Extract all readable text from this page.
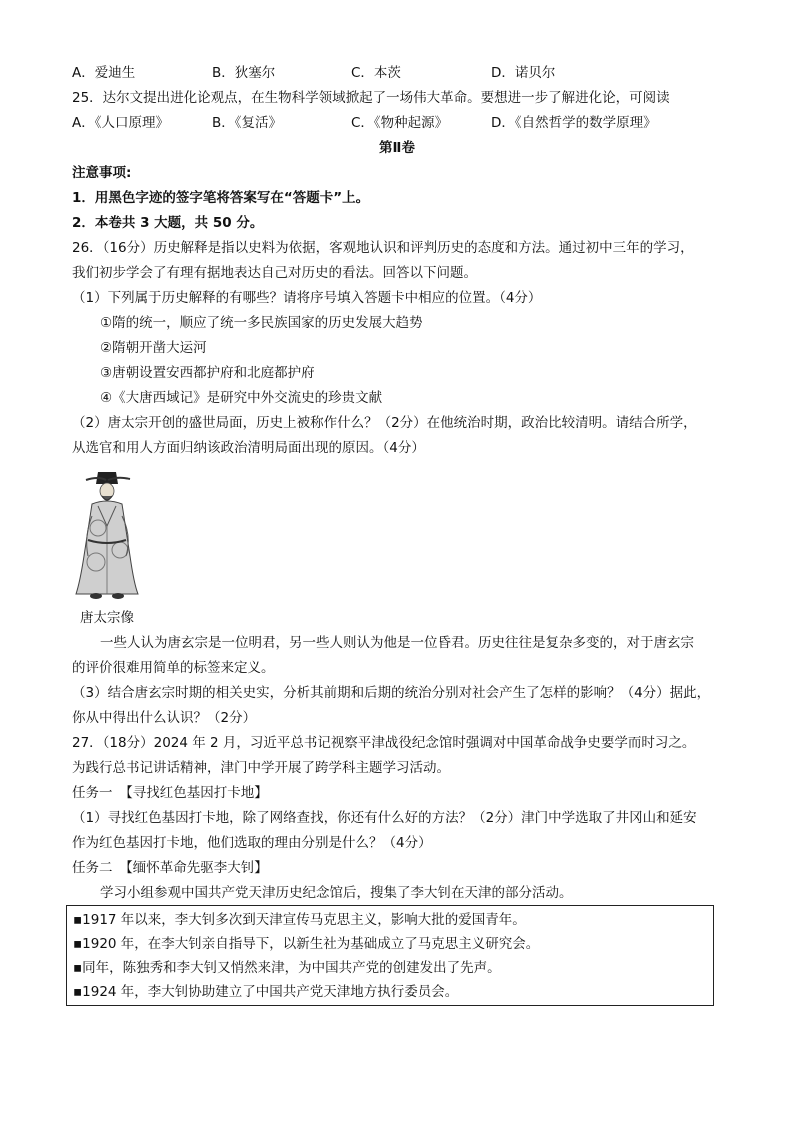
A．爱迪生	B．狄塞尔	C．本茨	D．诺贝尔
25．达尔文提出进化论观点，在生物科学领域掀起了一场伟大革命。要想进一步了解进化论，可阅读
A．《人口原理》	B．《复活》	C．《物种起源》	D．《自然哲学的数学原理》
第Ⅱ卷
注意事项:
1．用黑色字迹的签字笔将答案写在“答题卡”上。
2．本卷共 3 大题，共 50 分。
26．（16分）历史解释是指以史料为依据，客观地认识和评判历史的态度和方法。通过初中三年的学习，
我们初步学会了有理有据地表达自己对历史的看法。回答以下问题。
（1）下列属于历史解释的有哪些？请将序号填入答题卡中相应的位置。（4分）
①隋的统一，顺应了统一多民族国家的历史发展大趋势
②隋朝开凿大运河
③唐朝设置安西都护府和北庭都护府
④《大唐西域记》是研究中外交流史的珍贵文献
（2）唐太宗开创的盛世局面，历史上被称作什么？（2分）在他统治时期，政治比较清明。请结合所学，
从选官和用人方面归纳该政治清明局面出现的原因。（4分）
唐太宗像
一些人认为唐玄宗是一位明君，另一些人则认为他是一位昏君。历史往往是复杂多变的，对于唐玄宗
的评价很难用简单的标签来定义。
（3）结合唐玄宗时期的相关史实，分析其前期和后期的统治分别对社会产生了怎样的影响？（4分）据此，
你从中得出什么认识？（2分）
27．（18分）2024 年 2 月，习近平总书记视察平津战役纪念馆时强调对中国革命战争史要学而时习之。
为践行总书记讲话精神，津门中学开展了跨学科主题学习活动。
任务一　【寻找红色基因打卡地】
（1）寻找红色基因打卡地，除了网络查找，你还有什么好的方法？（2分）津门中学选取了井冈山和延安
作为红色基因打卡地，他们选取的理由分别是什么？（4分）
任务二　【缅怀革命先驱李大钊】
学习小组参观中国共产党天津历史纪念馆后，搜集了李大钊在天津的部分活动。
▪1917 年以来，李大钊多次到天津宣传马克思主义，影响大批的爱国青年。
▪1920 年，在李大钊亲自指导下，以新生社为基础成立了马克思主义研究会。
▪同年，陈独秀和李大钊又悄然来津，为中国共产党的创建发出了先声。
▪1924 年，李大钊协助建立了中国共产党天津地方执行委员会。
